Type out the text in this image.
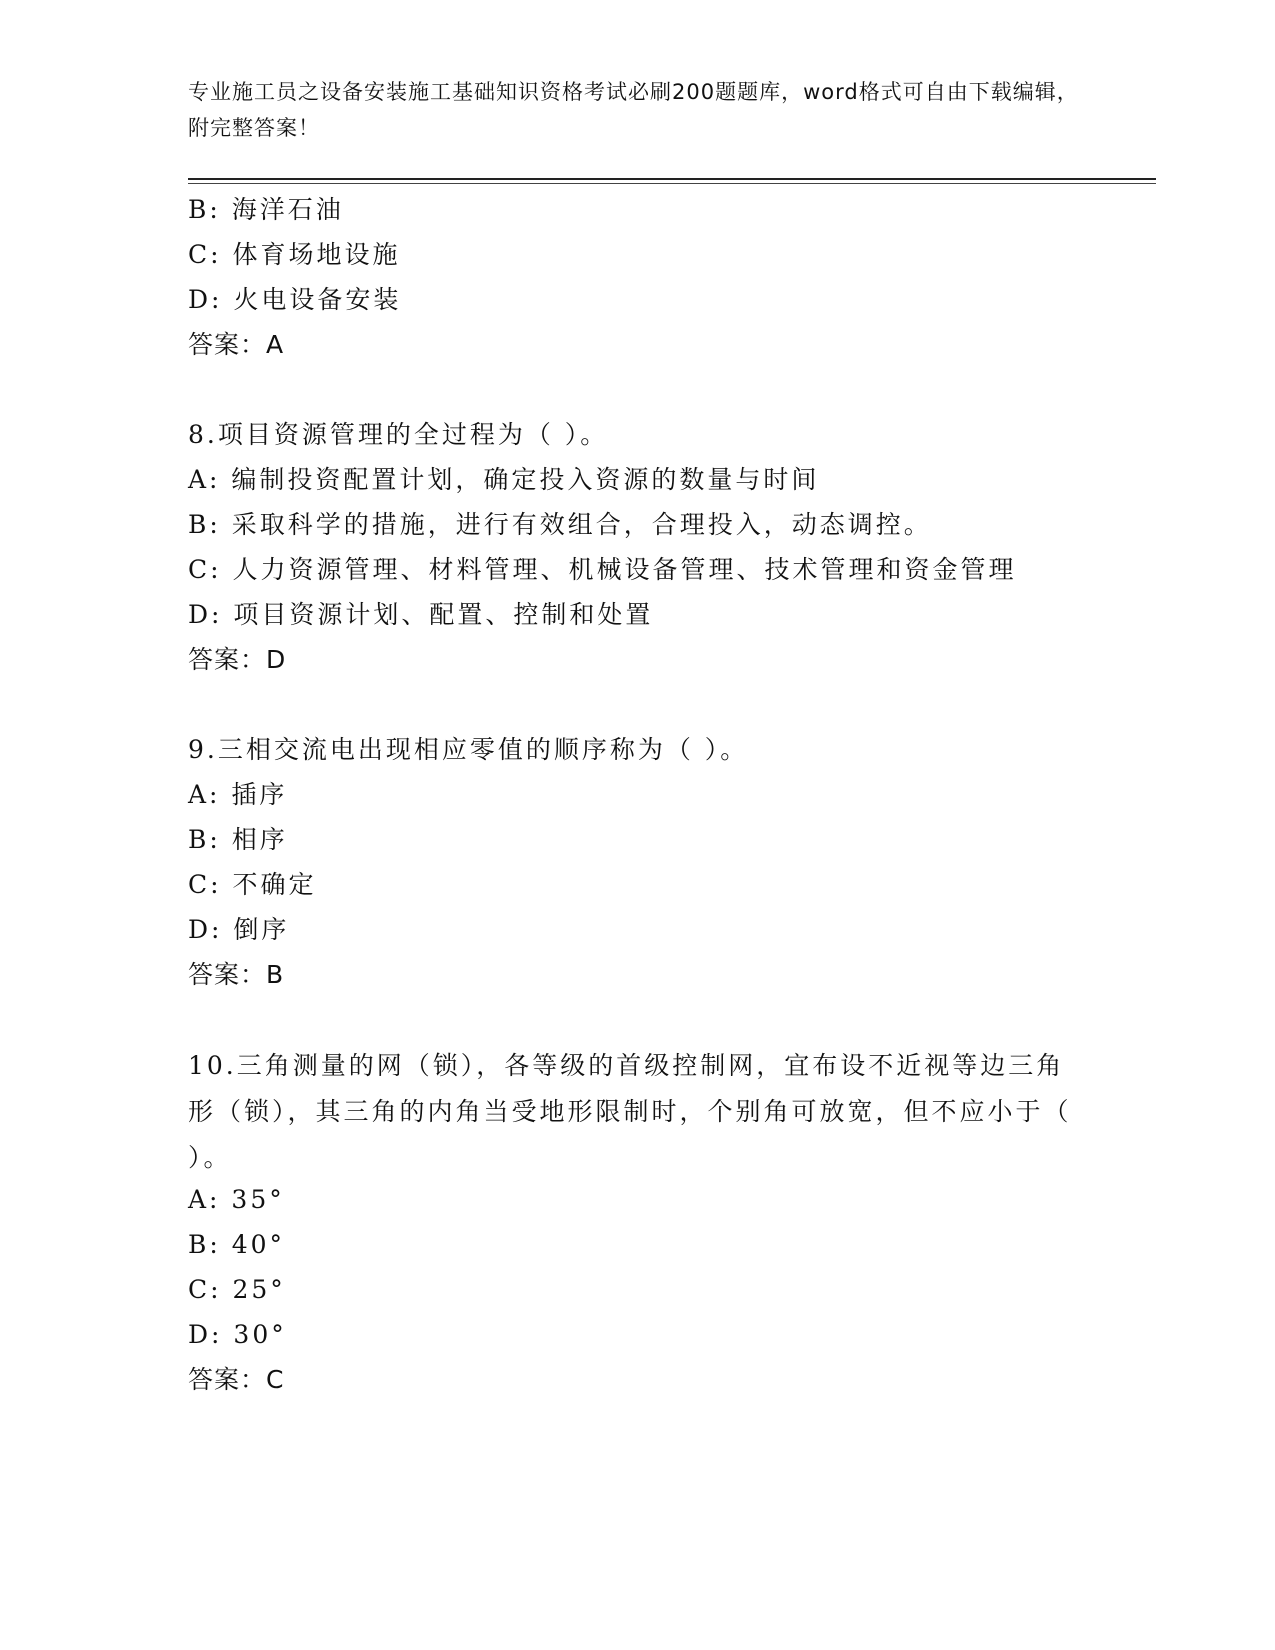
专业施工员之设备安装施工基础知识资格考试必刷200题题库，word格式可自由下载编辑，附完整答案！
B: 海洋石油
C: 体育场地设施
D: 火电设备安装
答案：A
8.项目资源管理的全过程为（ ）。
A: 编制投资配置计划，确定投入资源的数量与时间
B: 采取科学的措施，进行有效组合，合理投入，动态调控。
C: 人力资源管理、材料管理、机械设备管理、技术管理和资金管理
D: 项目资源计划、配置、控制和处置
答案：D
9.三相交流电出现相应零值的顺序称为（ ）。
A: 插序
B: 相序
C: 不确定
D: 倒序
答案：B
10.三角测量的网（锁），各等级的首级控制网，宜布设不近视等边三角形（锁），其三角的内角当受地形限制时，个别角可放宽，但不应小于（ ）。
A: 35°
B: 40°
C: 25°
D: 30°
答案：C
